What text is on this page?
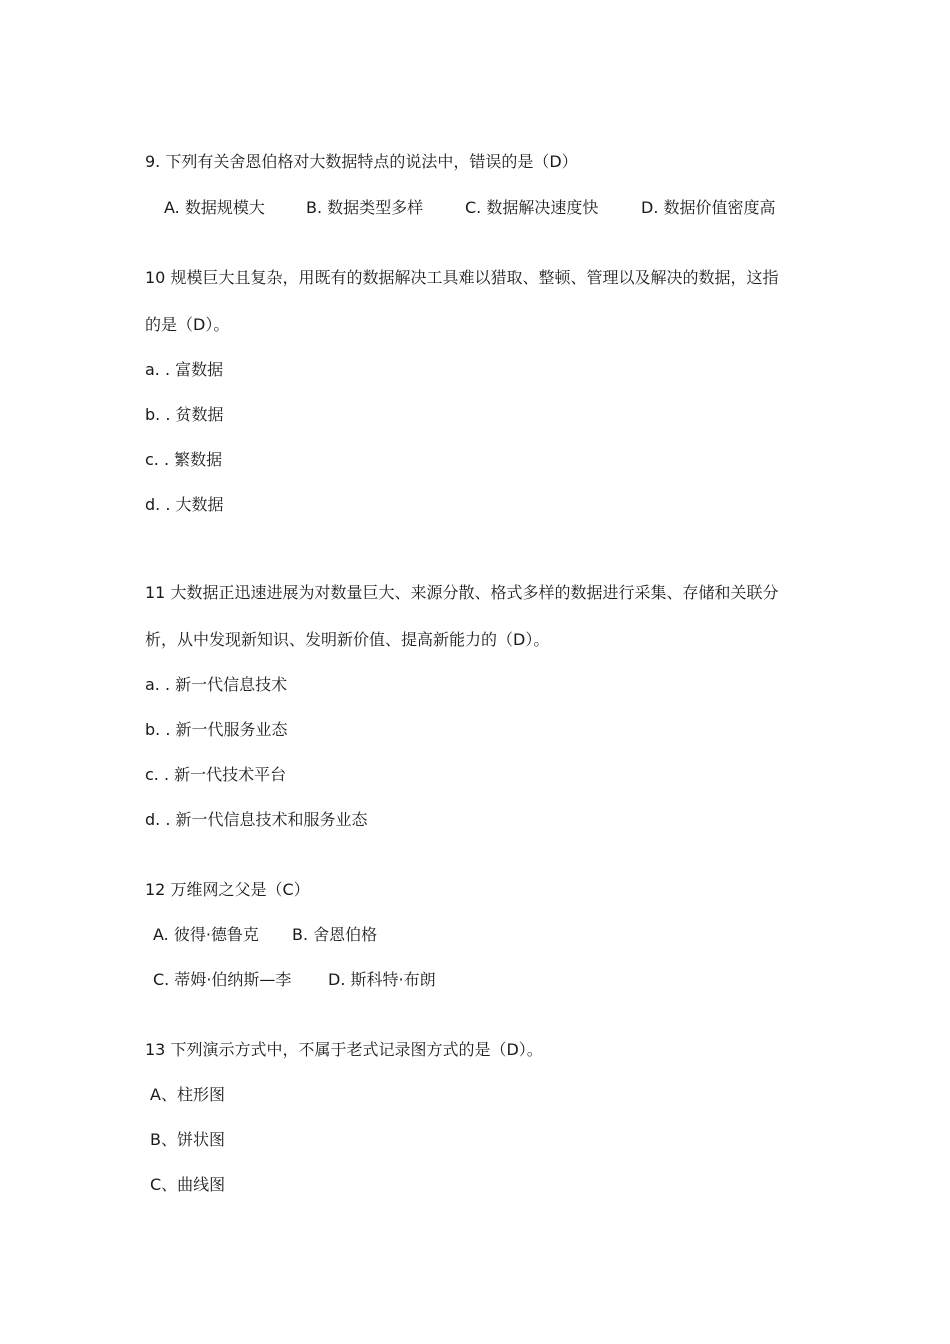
9. 下列有关舍恩伯格对大数据特点的说法中，错误的是（D）
A. 数据规模大	B. 数据类型多样	C. 数据解决速度快	D. 数据价值密度高
10 规模巨大且复杂，用既有的数据解决工具难以猎取、整顿、管理以及解决的数据，这指
的是（D）。
a. . 富数据
b. . 贫数据
c. . 繁数据
d. . 大数据
11 大数据正迅速进展为对数量巨大、来源分散、格式多样的数据进行采集、存储和关联分
析，从中发现新知识、发明新价值、提高新能力的（D）。
a. . 新一代信息技术
b. . 新一代服务业态
c. . 新一代技术平台
d. . 新一代信息技术和服务业态
12 万维网之父是（C）
A. 彼得·德鲁克 B. 舍恩伯格
C. 蒂姆·伯纳斯—李 D. 斯科特·布朗
13 下列演示方式中，不属于老式记录图方式的是（D）。
A、柱形图
B、饼状图
C、曲线图
